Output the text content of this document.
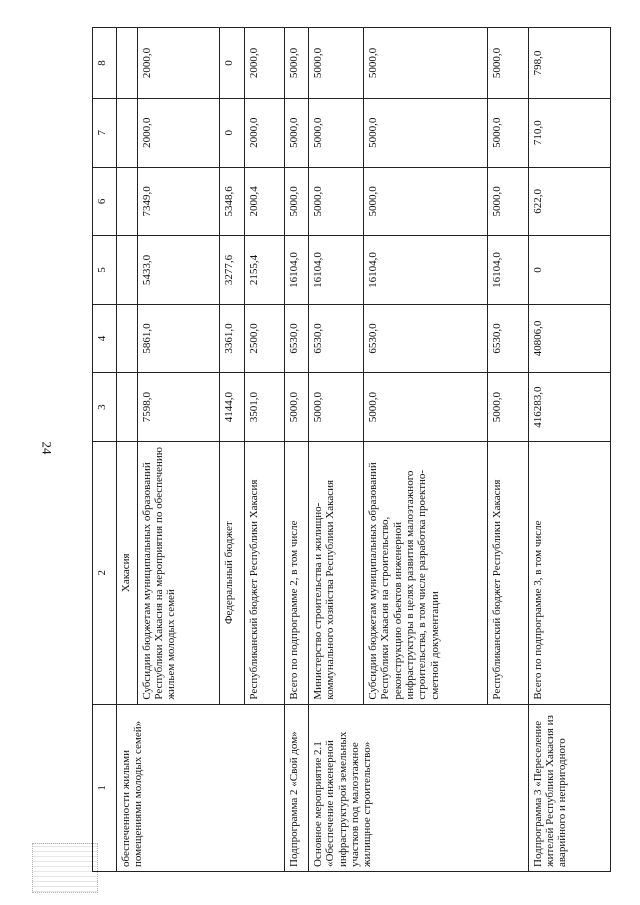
24
1	2	3	4	5	6	7	8
обеспеченности жилыми помещениями молодых семей»	Хакасия						
	Субсидии бюджетам муниципальных образований Республики Хакасия на мероприятия по обеспечению жильем молодых семей	7598,0	5861,0	5433,0	7349,0	2000,0	2000,0
	Федеральный бюджет	4144,0	3361,0	3277,6	5348,6	0	0
	Республиканский бюджет Республики Хакасия	3501,0	2500,0	2155,4	2000,4	2000,0	2000,0
Подпрограмма 2 «Свой дом»	Всего по подпрограмме 2, в том числе	5000,0	6530,0	16104,0	5000,0	5000,0	5000,0
Основное мероприятие 2.1 «Обеспечение инженерной инфраструктурой земельных участков под малоэтажное жилищное строительство»	Министерство строительства и жилищно-коммунального хозяйства Республики Хакасия	5000,0	6530,0	16104,0	5000,0	5000,0	5000,0
	Субсидии бюджетам муниципальных образований Республики Хакасия на строительство, реконструкцию объектов инженерной инфраструктуры в целях развития малоэтажного строительства, в том числе разработка проектно-сметной документации	5000,0	6530,0	16104,0	5000,0	5000,0	5000,0
	Республиканский бюджет Республики Хакасия	5000,0	6530,0	16104,0	5000,0	5000,0	5000,0
Подпрограмма 3 «Переселение жителей Республики Хакасия из аварийного и непригодного	Всего по подпрограмме 3, в том числе	416283,0	40806,0	0	622,0	710,0	798,0
